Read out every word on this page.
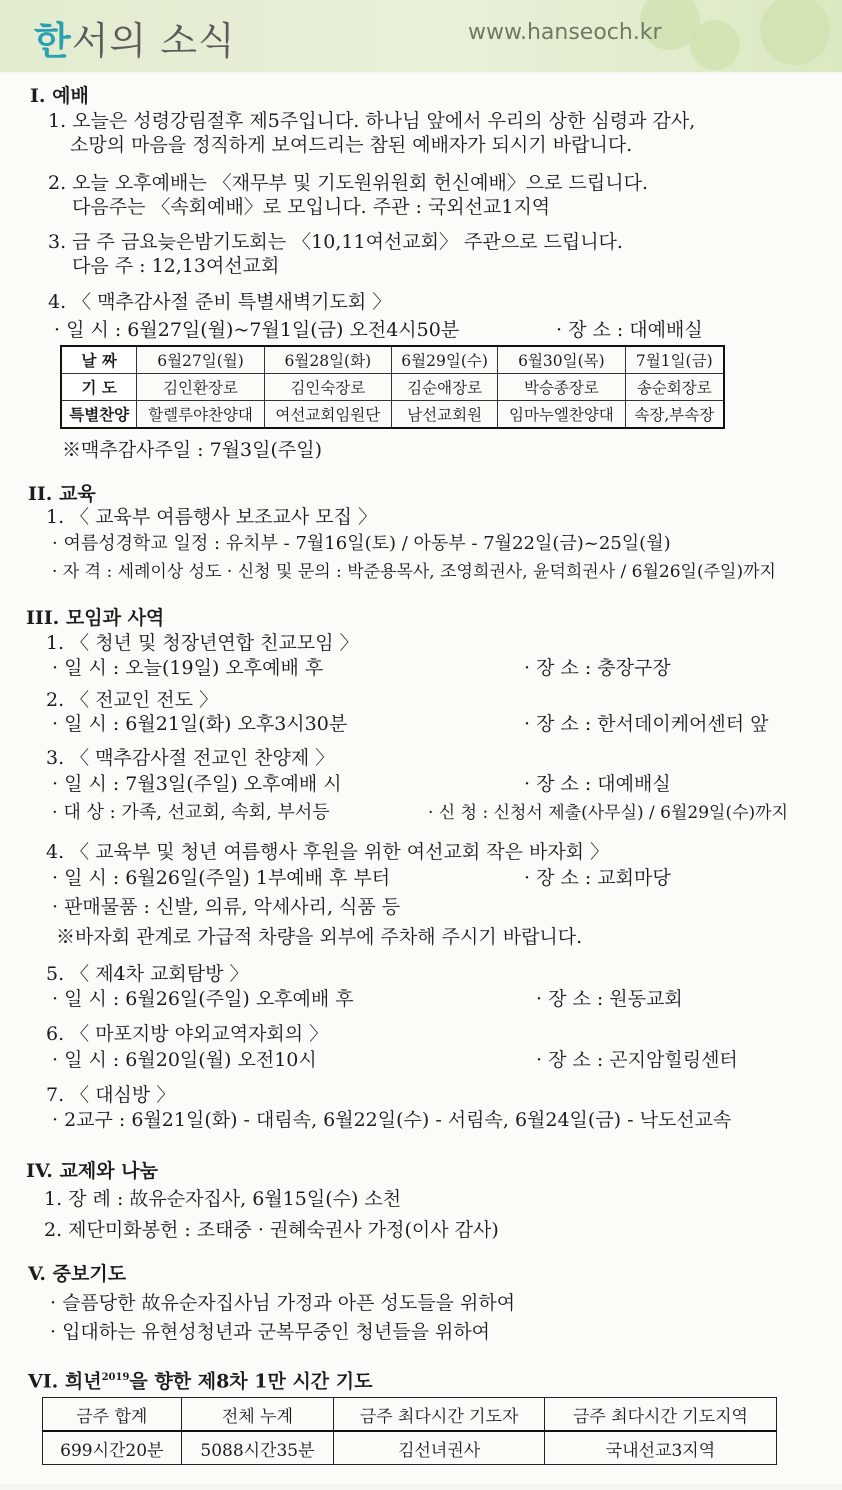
한서의 소식	www.hanseoch.kr
I. 예배
1. 오늘은 성령강림절후 제5주입니다. 하나님 앞에서 우리의 상한 심령과 감사,
소망의 마음을 정직하게 보여드리는 참된 예배자가 되시기 바랍니다.
2. 오늘 오후예배는 〈재무부 및 기도원위원회 헌신예배〉으로 드립니다.
다음주는 〈속회예배〉로 모입니다. 주관 : 국외선교1지역
3. 금 주 금요늦은밤기도회는 〈10,11여선교회〉 주관으로 드립니다.
다음 주 : 12,13여선교회
4. 〈 맥추감사절 준비 특별새벽기도회 〉
· 일 시 : 6월27일(월)~7월1일(금) 오전4시50분	· 장 소 : 대예배실
날 짜	6월27일(월)	6월28일(화)	6월29일(수)	6월30일(목)	7월1일(금)
기 도	김인환장로	김인숙장로	김순애장로	박승종장로	송순회장로
특별찬양	할렐루야찬양대	여선교회임원단	남선교회원	임마누엘찬양대	속장,부속장
※맥추감사주일 : 7월3일(주일)
II. 교육
1. 〈 교육부 여름행사 보조교사 모집 〉
· 여름성경학교 일정 : 유치부 - 7월16일(토) / 아동부 - 7월22일(금)~25일(월)
· 자 격 : 세례이상 성도 · 신청 및 문의 : 박준용목사, 조영희권사, 윤덕희권사 / 6월26일(주일)까지
III. 모임과 사역
1. 〈 청년 및 청장년연합 친교모임 〉
· 일 시 : 오늘(19일) 오후예배 후	· 장 소 : 충장구장
2. 〈 전교인 전도 〉
· 일 시 : 6월21일(화) 오후3시30분	· 장 소 : 한서데이케어센터 앞
3. 〈 맥추감사절 전교인 찬양제 〉
· 일 시 : 7월3일(주일) 오후예배 시	· 장 소 : 대예배실
· 대 상 : 가족, 선교회, 속회, 부서등	· 신 청 : 신청서 제출(사무실) / 6월29일(수)까지
4. 〈 교육부 및 청년 여름행사 후원을 위한 여선교회 작은 바자회 〉
· 일 시 : 6월26일(주일) 1부예배 후 부터	· 장 소 : 교회마당
· 판매물품 : 신발, 의류, 악세사리, 식품 등
※바자회 관계로 가급적 차량을 외부에 주차해 주시기 바랍니다.
5. 〈 제4차 교회탐방 〉
· 일 시 : 6월26일(주일) 오후예배 후	· 장 소 : 원동교회
6. 〈 마포지방 야외교역자회의 〉
· 일 시 : 6월20일(월) 오전10시	· 장 소 : 곤지암힐링센터
7. 〈 대심방 〉
· 2교구 : 6월21일(화) - 대림속, 6월22일(수) - 서림속, 6월24일(금) - 낙도선교속
IV. 교제와 나눔
1. 장 례 : 故유순자집사, 6월15일(수) 소천
2. 제단미화봉헌 : 조태중 · 권혜숙권사 가정(이사 감사)
V. 중보기도
· 슬픔당한 故유순자집사님 가정과 아픈 성도들을 위하여
· 입대하는 유현성청년과 군복무중인 청년들을 위하여
VI. 희년$^{2019}$을 향한 제8차 1만 시간 기도
금주 합계	전체 누계	금주 최다시간 기도자	금주 최다시간 기도지역
699시간20분	5088시간35분	김선녀권사	국내선교3지역
